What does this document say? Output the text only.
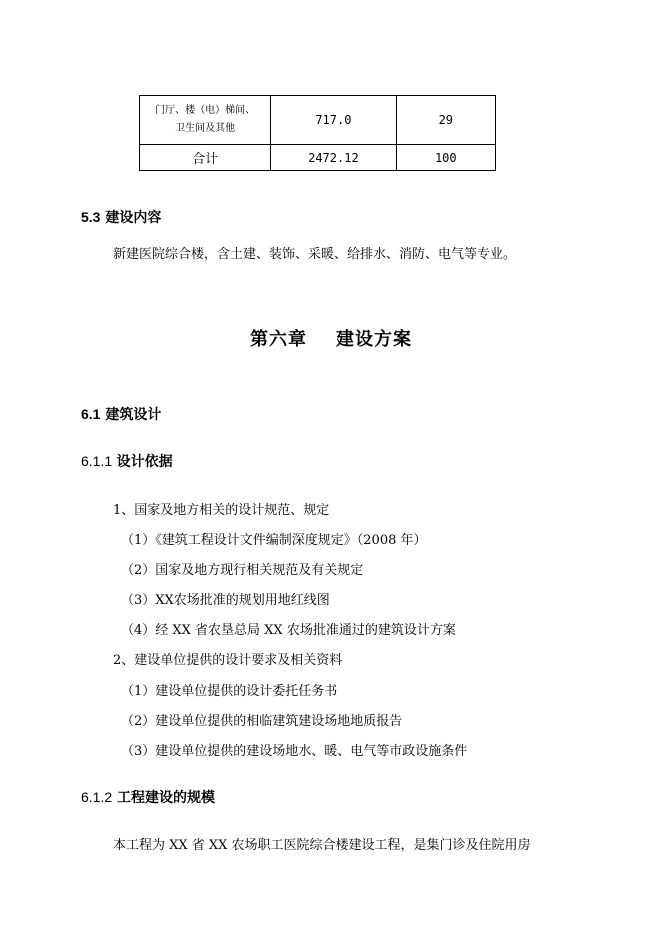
门厅、楼（电）梯间、
卫生间及其他	717.0	29
合计	2472.12	100
5.3 建设内容
新建医院综合楼，含土建、装饰、采暖、给排水、消防、电气等专业。
第六章    建设方案
6.1 建筑设计
6.1.1 设计依据
1、国家及地方相关的设计规范、规定
（1）《建筑工程设计文件编制深度规定》（2008 年）
（2）国家及地方现行相关规范及有关规定
（3）XX农场批准的规划用地红线图
（4）经 XX 省农垦总局 XX 农场批准通过的建筑设计方案
2、建设单位提供的设计要求及相关资料
（1）建设单位提供的设计委托任务书
（2）建设单位提供的相临建筑建设场地地质报告
（3）建设单位提供的建设场地水、暖、电气等市政设施条件
6.1.2 工程建设的规模
本工程为 XX 省 XX 农场职工医院综合楼建设工程，是集门诊及住院用房
